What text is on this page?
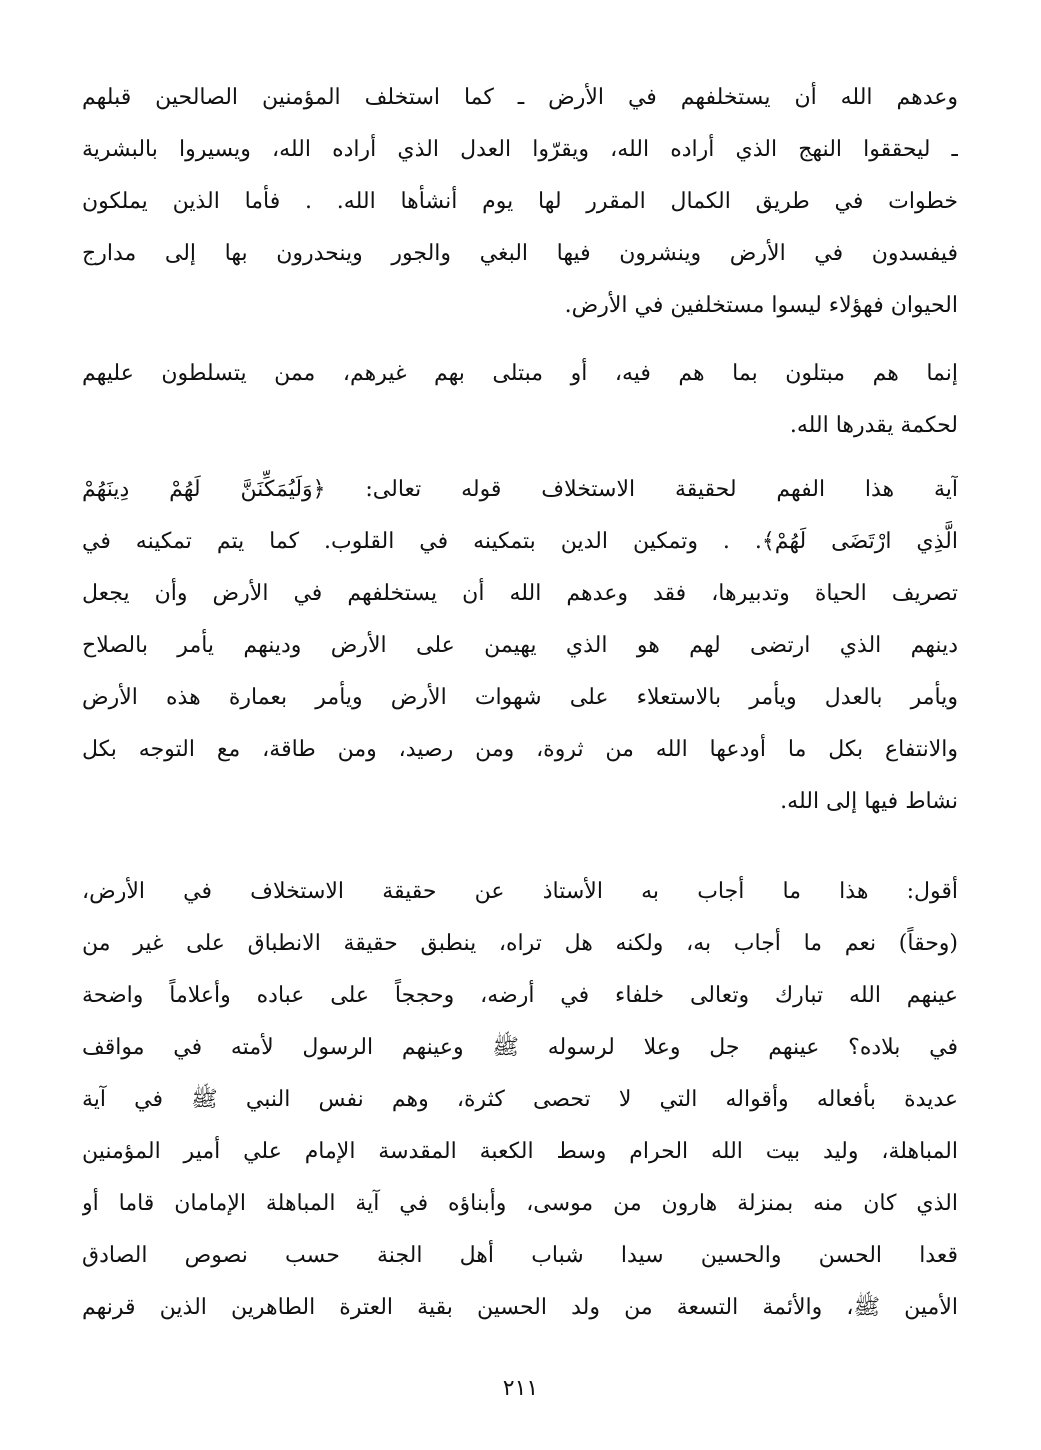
وعدهم الله أن يستخلفهم في الأرض ـ كما استخلف المؤمنين الصالحين قبلهم
ـ ليحققوا النهج الذي أراده الله، ويقرّوا العدل الذي أراده الله، ويسيروا بالبشرية
خطوات في طريق الكمال المقرر لها يوم أنشأها الله. . فأما الذين يملكون
فيفسدون في الأرض وينشرون فيها البغي والجور وينحدرون بها إلى مدارج
الحيوان فهؤلاء ليسوا مستخلفين في الأرض.
إنما هم مبتلون بما هم فيه، أو مبتلى بهم غيرهم، ممن يتسلطون عليهم
لحكمة يقدرها الله.
آية هذا الفهم لحقيقة الاستخلاف قوله تعالى: ﴿وَلَيُمَكِّنَنَّ لَهُمْ دِينَهُمْ
الَّذِي ارْتَضَى لَهُمْ﴾. . وتمكين الدين بتمكينه في القلوب. كما يتم تمكينه في
تصريف الحياة وتدبيرها، فقد وعدهم الله أن يستخلفهم في الأرض وأن يجعل
دينهم الذي ارتضى لهم هو الذي يهيمن على الأرض ودينهم يأمر بالصلاح
ويأمر بالعدل ويأمر بالاستعلاء على شهوات الأرض ويأمر بعمارة هذه الأرض
والانتفاع بكل ما أودعها الله من ثروة، ومن رصيد، ومن طاقة، مع التوجه بكل
نشاط فيها إلى الله.
أقول: هذا ما أجاب به الأستاذ عن حقيقة الاستخلاف في الأرض،
(وحقاً) نعم ما أجاب به، ولكنه هل تراه، ينطبق حقيقة الانطباق على غير من
عينهم الله تبارك وتعالى خلفاء في أرضه، وحججاً على عباده وأعلاماً واضحة
في بلاده؟ عينهم جل وعلا لرسوله ﷺ وعينهم الرسول لأمته في مواقف
عديدة بأفعاله وأقواله التي لا تحصى كثرة، وهم نفس النبي ﷺ في آية
المباهلة، وليد بيت الله الحرام وسط الكعبة المقدسة الإمام علي أمير المؤمنين
الذي كان منه بمنزلة هارون من موسى، وأبناؤه في آية المباهلة الإمامان قاما أو
قعدا الحسن والحسين سيدا شباب أهل الجنة حسب نصوص الصادق
الأمين ﷺ، والأئمة التسعة من ولد الحسين بقية العترة الطاهرين الذين قرنهم
٢١١
